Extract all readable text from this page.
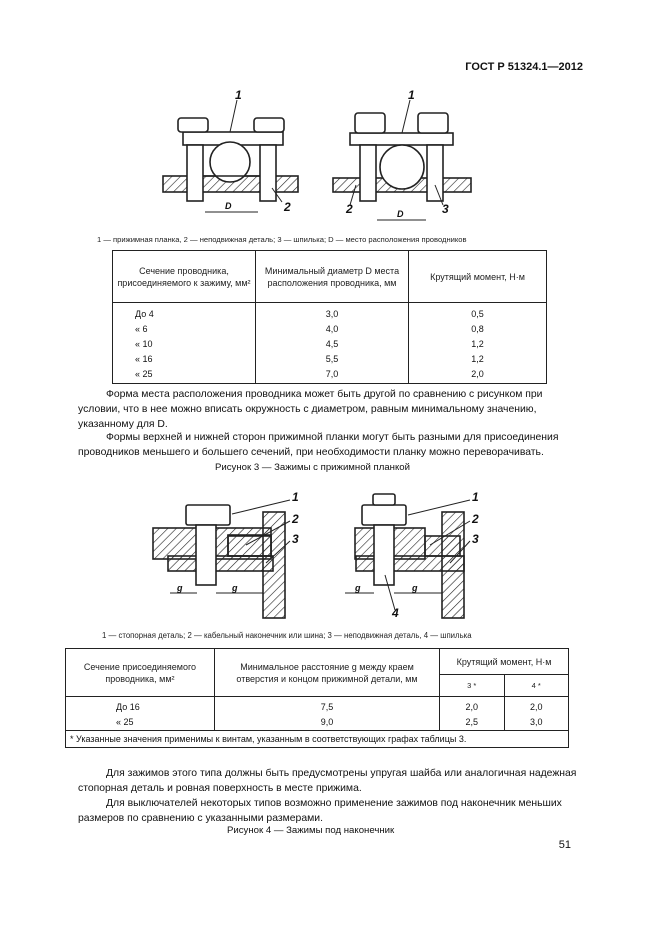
ГОСТ Р 51324.1—2012
1	1
2	2	3
D
D
1 — прижимная планка, 2 — неподвижная деталь; 3 — шпилька; D — место расположения проводников
Сечение проводника, присоединяемого к зажиму, мм²	Минимальный диаметр D места расположения проводника, мм	Крутящий момент, Н·м
До 4	3,0	0,5
« 6	4,0	0,8
« 10	4,5	1,2
« 16	5,5	1,2
« 25	7,0	2,0
Форма места расположения проводника может быть другой по сравнению с рисунком при условии, что в нее можно вписать окружность с диаметром, равным минимальному значению, указанному для D.
Формы верхней и нижней сторон прижимной планки могут быть разными для присоединения проводников меньшего и большего сечений, при необходимости планку можно переворачивать.
Рисунок 3 — Зажимы с прижимной планкой
1	1
2	2
3	3
4
g	g	g	g
1 — стопорная деталь; 2 — кабельный наконечник или шина; 3 — неподвижная деталь, 4 — шпилька
Сечение присоединяемого проводника, мм²	Минимальное расстояние g между краем отверстия и концом прижимной детали, мм	Крутящий момент, Н·м	
		3 *	4 *
До 16	7,5	2,0	2,0
« 25	9,0	2,5	3,0
* Указанные значения применимы к винтам, указанным в соответствующих графах таблицы 3.			
Для зажимов этого типа должны быть предусмотрены упругая шайба или аналогичная надежная стопорная деталь и ровная поверхность в месте прижима.
Для выключателей некоторых типов возможно применение зажимов под наконечник меньших размеров по сравнению с указанными размерами.
Рисунок 4 — Зажимы под наконечник
51
